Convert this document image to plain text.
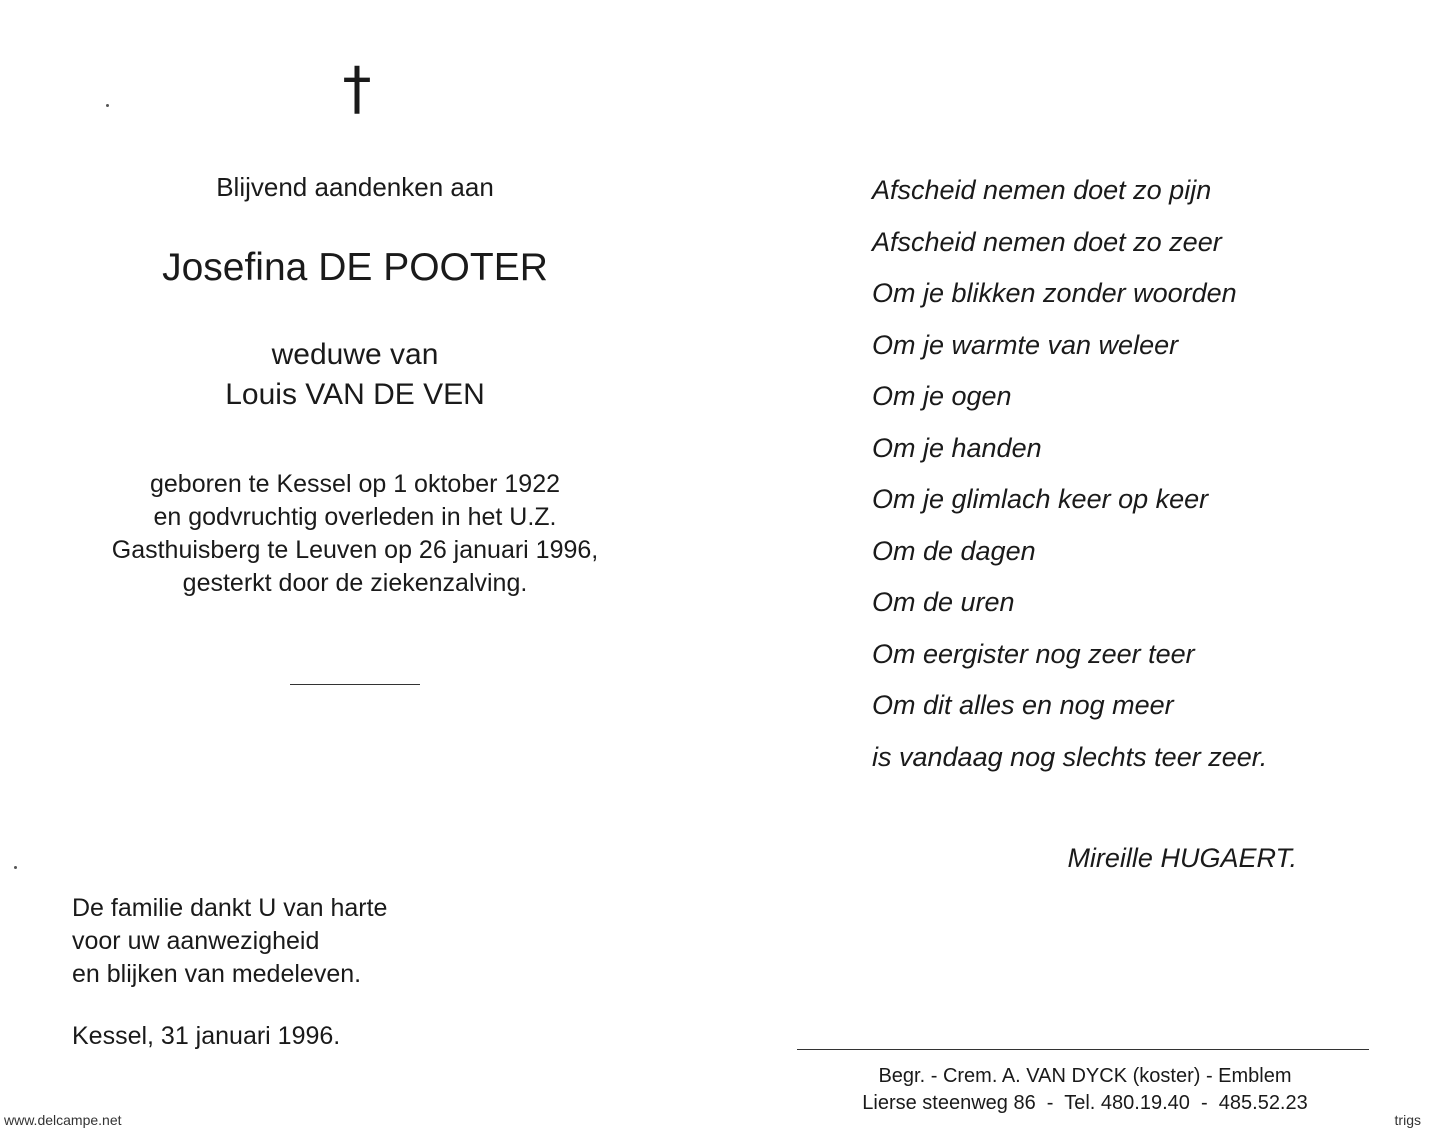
†
Blijvend aandenken aan
Josefina DE POOTER
weduwe van
Louis VAN DE VEN
geboren te Kessel op 1 oktober 1922
en godvruchtig overleden in het U.Z.
Gasthuisberg te Leuven op 26 januari 1996,
gesterkt door de ziekenzalving.
De familie dankt U van harte
voor uw aanwezigheid
en blijken van medeleven.
Kessel, 31 januari 1996.
Afscheid nemen doet zo pijn
Afscheid nemen doet zo zeer
Om je blikken zonder woorden
Om je warmte van weleer
Om je ogen
Om je handen
Om je glimlach keer op keer
Om de dagen
Om de uren
Om eergister nog zeer teer
Om dit alles en nog meer
is vandaag nog slechts teer zeer.
Mireille HUGAERT.
Begr. - Crem. A. VAN DYCK (koster) - Emblem
Lierse steenweg 86  -  Tel. 480.19.40  -  485.52.23
www.delcampe.net	trigs
